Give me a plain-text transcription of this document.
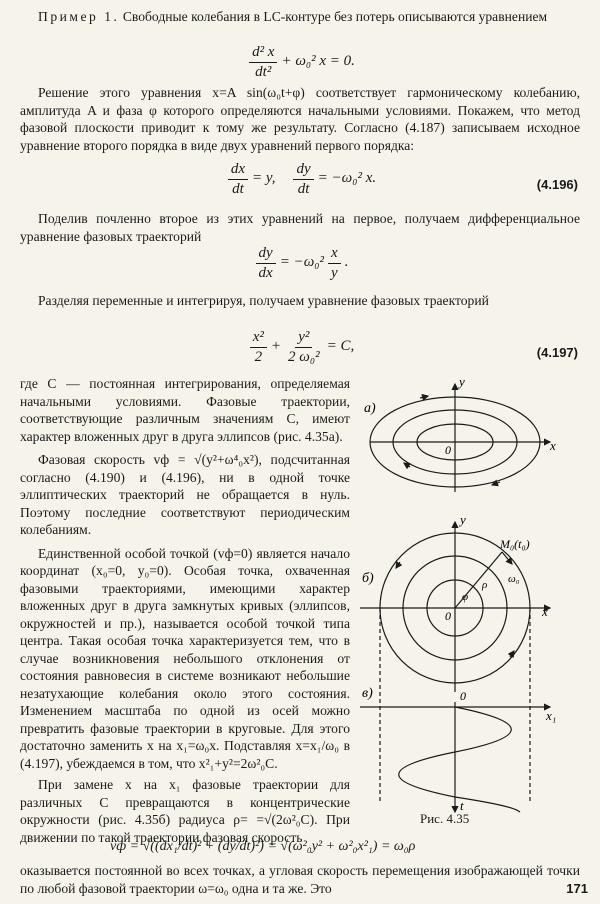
Пример 1. Свободные колебания в LC-контуре без потерь описываются уравнением

$\frac{\text{d² x}}{\text{dt²}} + \omega_0^2$ x = 0.

Решение этого уравнения x=A sin(ω₀t+φ) соответствует гармоническому колебанию, амплитуда A и фаза φ которого определяются начальными условиями. Покажем, что метод фазовой плоскости приводит к тому же результату. Согласно (4.187) записываем исходное уравнение второго порядка в виде двух уравнений первого порядка:

$\frac{dx}{dt} = y$, $\frac{dy}{dt} = -\omega_0^2$ x.	(4.196)

Поделив почленно второе из этих уравнений на первое, получаем дифференциальное уравнение фазовых траекторий

$\frac{dy}{dx} = -\omega_0^2 \frac{x}{y}$ .

Разделяя переменные и интегрируя, получаем уравнение фазовых траекторий

$\frac{\text{x²}}{2} + \frac{\text{y²}}{\text{2 ω₀²}} = C$,	(4.197)

где C — постоянная интегрирования, определяемая начальными условиями. Фазовые траектории, соответствующие различным значениям C, имеют характер вложенных друг в друга эллипсов (рис. 4.35a).

Фазовая скорость vф = √(y²+ω⁴₀x²), подсчитанная согласно (4.190) и (4.196), ни в одной точке эллиптических траекторий не обращается в нуль. Поэтому последние соответствуют периодическим колебаниям.

Единственной особой точкой (vф=0) является начало координат (x₀=0, y₀=0). Особая точка, охваченная фазовыми траекториями, имеющими характер вложенных друг в друга замкнутых кривых (эллипсов, окружностей и пр.), называется особой точкой типа центра. Такая особая точка характеризуется тем, что в случае возникновения небольшого отклонения от состояния равновесия в системе возникают небольшие незатухающие колебания около этого состояния. Изменением масштаба по одной из осей можно превратить фазовые траектории в круговые. Для этого достаточно заменить x на x₁=ω₀x. Подставляя x=x₁/ω₀ в (4.197), убеждаемся в том, что x²₁+y²=2ω²₀C.

При замене x на x₁ фазовые траектории для различных C превращаются в концентрические окружности (рис. 4.35б) радиуса ρ= =√(2ω²₀C). При движении по такой траектории фазовая скорость

a)
x
y
0
б)
x
y
0
M₀(t₀)
ω₀
ρ
φ
в)
x₁
0
t
Рис. 4.35
vф = √((dx₁/dt)² + (dy/dt)²) = √(ω²₀y² + ω²₀x²₁) = ω₀ρ

оказывается постоянной во всех точках, а угловая скорость перемещения изображающей точки по любой фазовой траектории ω=ω₀ одна и та же. Это	171
